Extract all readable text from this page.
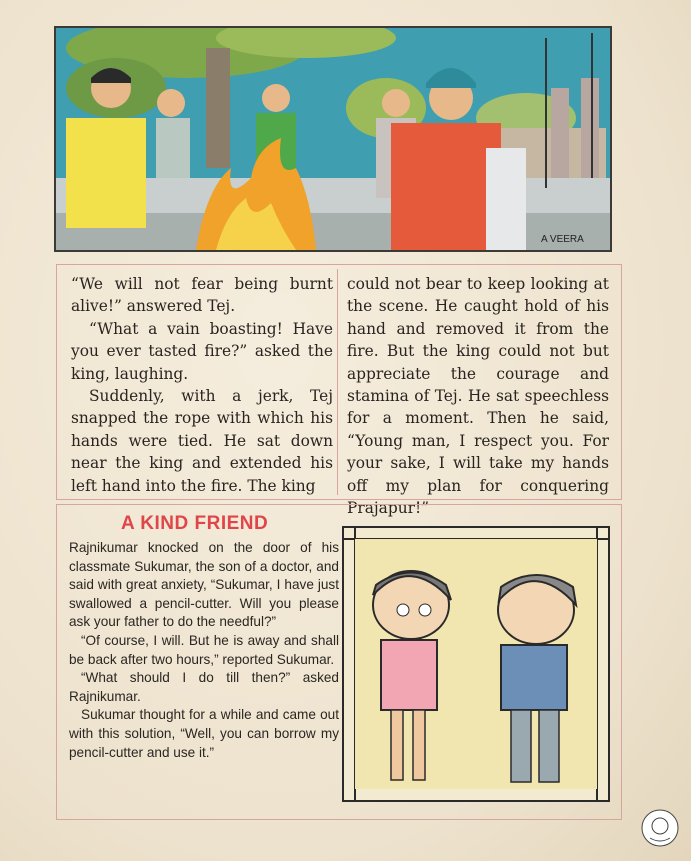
A VEERA

“We will not fear being burnt alive!” answered Tej.

“What a vain boasting! Have you ever tasted fire?” asked the king, laughing.

Suddenly, with a jerk, Tej snapped the rope with which his hands were tied. He sat down near the king and extended his left hand into the fire. The king

could not bear to keep looking at the scene. He caught hold of his hand and removed it from the fire. But the king could not but appreciate the courage and stamina of Tej. He sat speechless for a moment. Then he said, “Young man, I respect you. For your sake, I will take my hands off my plan for conquering Prajapur!”

A KIND FRIEND

Rajnikumar knocked on the door of his classmate Sukumar, the son of a doctor, and said with great anxiety, “Sukumar, I have just swallowed a pencil-cutter. Will you please ask your father to do the needful?”

“Of course, I will. But he is away and shall be back after two hours,” reported Sukumar.

“What should I do till then?” asked Rajnikumar.

Sukumar thought for a while and came out with this solution, “Well, you can borrow my pencil-cutter and use it.”
